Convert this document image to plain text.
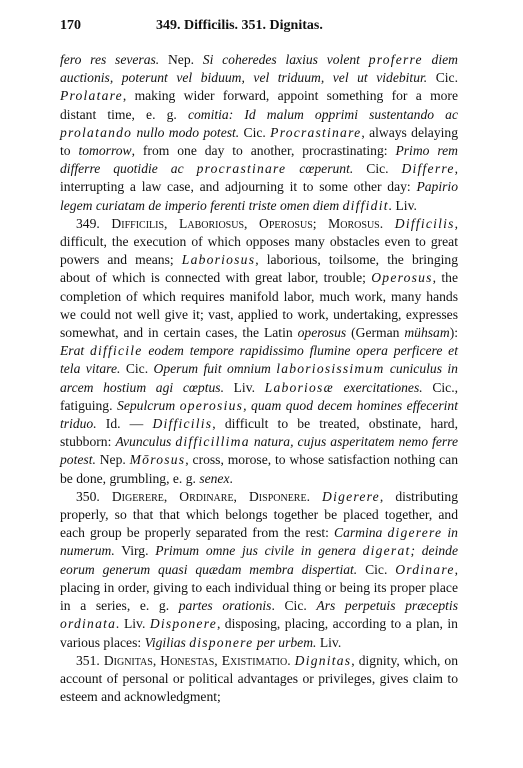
170	349. Difficilis. 351. Dignitas.

fero res severas. Nep. Si coheredes laxius volent proferre diem auctionis, poterunt vel biduum, vel triduum, vel ut videbitur. Cic. Prolatare, making wider forward, appoint something for a more distant time, e. g. comitia: Id malum opprimi sustentando ac prolatando nullo modo potest. Cic. Procrastinare, always delaying to tomorrow, from one day to another, procrastinating: Primo rem differre quotidie ac procrastinare cœperunt. Cic. Differre, interrupting a law case, and adjourning it to some other day: Papirio legem curiatam de imperio ferenti triste omen diem diffidit. Liv.

349. Difficilis, Laboriosus, Operosus; Morosus. Difficilis, difficult, the execution of which opposes many obstacles even to great powers and means; Laboriosus, laborious, toilsome, the bringing about of which is connected with great labor, trouble; Operosus, the completion of which requires manifold labor, much work, many hands we could not well give it; vast, applied to work, undertaking, expresses somewhat, and in certain cases, the Latin operosus (German mühsam): Erat difficile eodem tempore rapidissimo flumine opera perficere et tela vitare. Cic. Operum fuit omnium laboriosissimum cuniculus in arcem hostium agi cœptus. Liv. Laboriosæ exercitationes. Cic., fatiguing. Sepulcrum operosius, quam quod decem homines effecerint triduo. Id. — Difficilis, difficult to be treated, obstinate, hard, stubborn: Avunculus difficillima natura, cujus asperitatem nemo ferre potest. Nep. Mōrosus, cross, morose, to whose satisfaction nothing can be done, grumbling, e. g. senex.

350. Digerere, Ordinare, Disponere. Digerere, distributing properly, so that that which belongs together be placed together, and each group be properly separated from the rest: Carmina digerere in numerum. Virg. Primum omne jus civile in genera digerat; deinde eorum generum quasi quædam membra dispertiat. Cic. Ordinare, placing in order, giving to each individual thing or being its proper place in a series, e. g. partes orationis. Cic. Ars perpetuis præceptis ordinata. Liv. Disponere, disposing, placing, according to a plan, in various places: Vigilias disponere per urbem. Liv.

351. Dignitas, Honestas, Existimatio. Dignitas, dignity, which, on account of personal or political advantages or privileges, gives claim to esteem and acknowledgment;
